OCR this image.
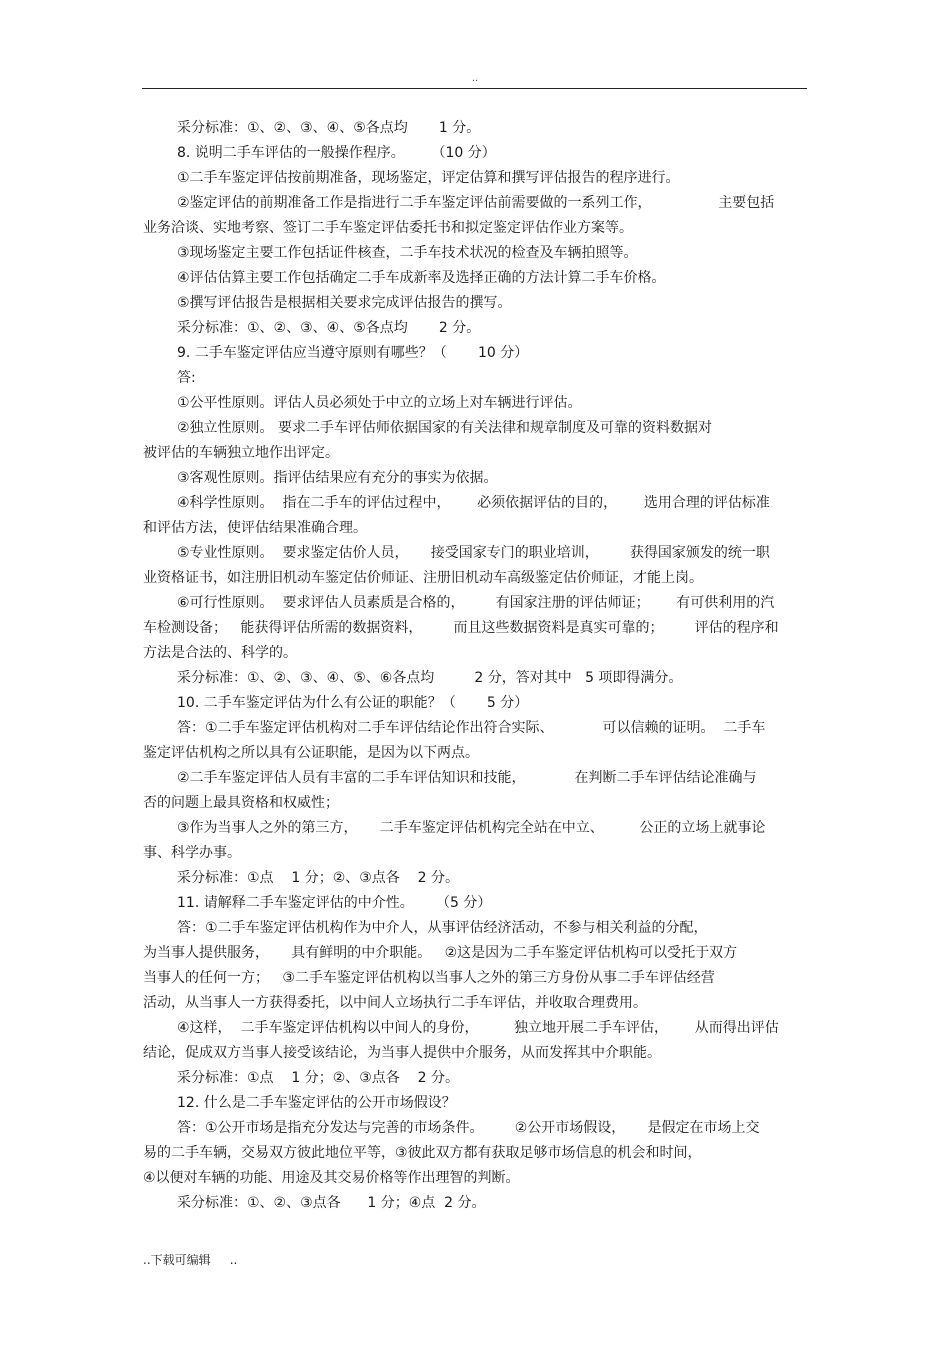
..
采分标准：①、②、③、④、⑤各点均       1 分。
8. 说明二手车评估的一般操作程序。      （10 分）
①二手车鉴定评估按前期准备，现场鉴定，评定估算和撰写评估报告的程序进行。
②鉴定评估的前期准备工作是指进行二手车鉴定评估前需要做的一系列工作，               主要包括
业务洽谈、实地考察、签订二手车鉴定评估委托书和拟定鉴定评估作业方案等。
③现场鉴定主要工作包括证件核查，二手车技术状况的检查及车辆拍照等。
④评估估算主要工作包括确定二手车成新率及选择正确的方法计算二手车价格。
⑤撰写评估报告是根据相关要求完成评估报告的撰写。
采分标准：①、②、③、④、⑤各点均       2 分。
9. 二手车鉴定评估应当遵守原则有哪些？（       10 分）
答:
①公平性原则。评估人员必须处于中立的立场上对车辆进行评估。
②独立性原则。 要求二手车评估师依据国家的有关法律和规章制度及可靠的资料数据对
被评估的车辆独立地作出评定。
③客观性原则。指评估结果应有充分的事实为依据。
④科学性原则。  指在二手车的评估过程中，      必须依据评估的目的，      选用合理的评估标准
和评估方法，使评估结果准确合理。
⑤专业性原则。  要求鉴定估价人员，     接受国家专门的职业培训，       获得国家颁发的统一职
业资格证书，如注册旧机动车鉴定估价师证、注册旧机动车高级鉴定估价师证，才能上岗。
⑥可行性原则。  要求评估人员素质是合格的，       有国家注册的评估师证；      有可供利用的汽
车检测设备；   能获得评估所需的数据资料，       而且这些数据资料是真实可靠的；       评估的程序和
方法是合法的、科学的。
采分标准：①、②、③、④、⑤、⑥各点均         2 分，答对其中   5 项即得满分。
10. 二手车鉴定评估为什么有公证的职能？（       5 分）
答：①二手车鉴定评估机构对二手车评估结论作出符合实际、           可以信赖的证明。  二手车
鉴定评估机构之所以具有公证职能，是因为以下两点。
②二手车鉴定评估人员有丰富的二手车评估知识和技能，           在判断二手车评估结论准确与
否的问题上最具资格和权威性；
③作为当事人之外的第三方，     二手车鉴定评估机构完全站在中立、        公正的立场上就事论
事、科学办事。
采分标准：①点    1 分；②、③点各    2 分。
11. 请解释二手车鉴定评估的中介性。     （5 分）
答：①二手车鉴定评估机构作为中介人，从事评估经济活动，不参与相关利益的分配，
为当事人提供服务，     具有鲜明的中介职能。   ②这是因为二手车鉴定评估机构可以受托于双方
当事人的任何一方；   ③二手车鉴定评估机构以当事人之外的第三方身份从事二手车评估经营
活动，从当事人一方获得委托，以中间人立场执行二手车评估，并收取合理费用。
④这样，  二手车鉴定评估机构以中间人的身份，        独立地开展二手车评估，      从而得出评估
结论，促成双方当事人接受该结论，为当事人提供中介服务，从而发挥其中介职能。
采分标准：①点    1 分；②、③点各    2 分。
12. 什么是二手车鉴定评估的公开市场假设？
答：①公开市场是指充分发达与完善的市场条件。       ②公开市场假设，     是假定在市场上交
易的二手车辆，交易双方彼此地位平等，③彼此双方都有获取足够市场信息的机会和时间，
④以便对车辆的功能、用途及其交易价格等作出理智的判断。
采分标准：①、②、③点各      1 分；④点  2 分。
..下载可编辑     ..
